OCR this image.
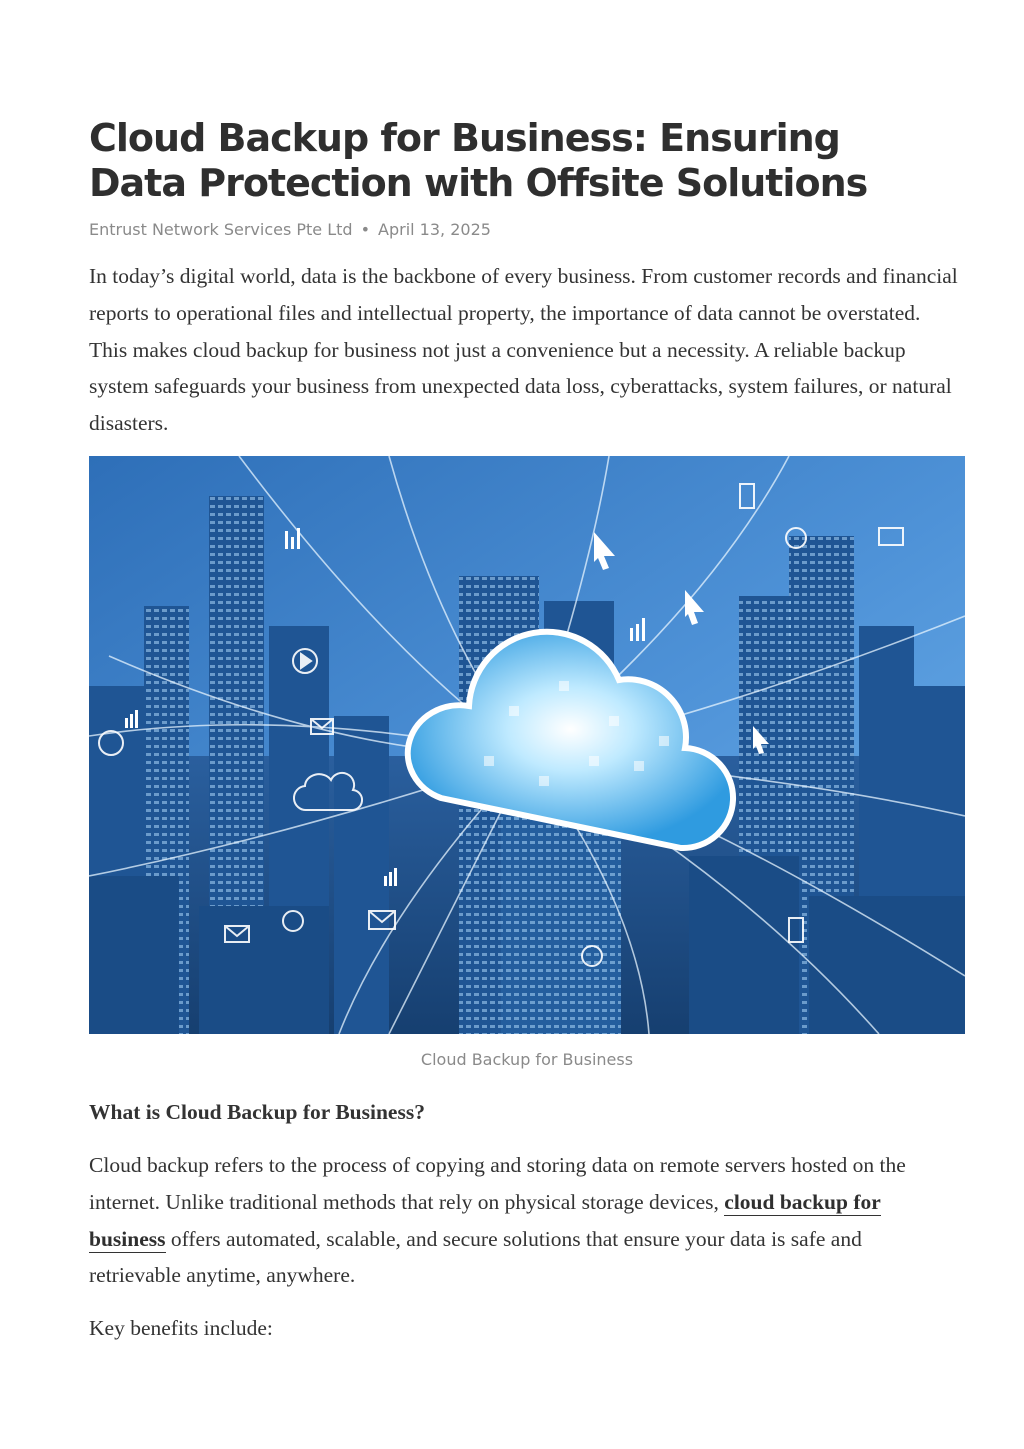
Cloud Backup for Business: Ensuring Data Protection with Offsite Solutions
Entrust Network Services Pte Ltd • April 13, 2025

In today’s digital world, data is the backbone of every business. From customer records and financial reports to operational files and intellectual property, the importance of data cannot be overstated. This makes cloud backup for business not just a convenience but a necessity. A reliable backup system safeguards your business from unexpected data loss, cyberattacks, system failures, or natural disasters.

Cloud Backup for Business
What is Cloud Backup for Business?

Cloud backup refers to the process of copying and storing data on remote servers hosted on the internet. Unlike traditional methods that rely on physical storage devices, cloud backup for business offers automated, scalable, and secure solutions that ensure your data is safe and retrievable anytime, anywhere.

Key benefits include:
